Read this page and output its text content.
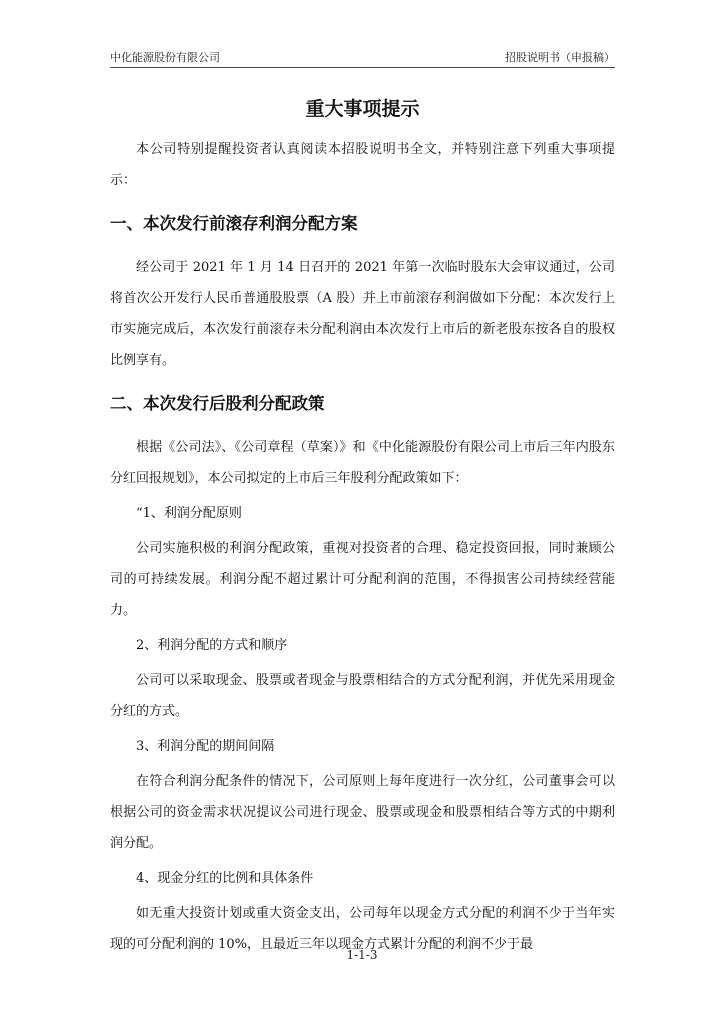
中化能源股份有限公司	招股说明书（申报稿）
重大事项提示

本公司特别提醒投资者认真阅读本招股说明书全文，并特别注意下列重大事项提示：

一、本次发行前滚存利润分配方案

经公司于 2021 年 1 月 14 日召开的 2021 年第一次临时股东大会审议通过，公司将首次公开发行人民币普通股股票（A 股）并上市前滚存利润做如下分配：本次发行上市实施完成后，本次发行前滚存未分配利润由本次发行上市后的新老股东按各自的股权比例享有。

二、本次发行后股利分配政策

根据《公司法》、《公司章程（草案）》和《中化能源股份有限公司上市后三年内股东分红回报规划》，本公司拟定的上市后三年股利分配政策如下：

“1、利润分配原则

公司实施积极的利润分配政策，重视对投资者的合理、稳定投资回报，同时兼顾公司的可持续发展。利润分配不超过累计可分配利润的范围，不得损害公司持续经营能力。

2、利润分配的方式和顺序

公司可以采取现金、股票或者现金与股票相结合的方式分配利润，并优先采用现金分红的方式。

3、利润分配的期间间隔

在符合利润分配条件的情况下，公司原则上每年度进行一次分红，公司董事会可以根据公司的资金需求状况提议公司进行现金、股票或现金和股票相结合等方式的中期利润分配。

4、现金分红的比例和具体条件

如无重大投资计划或重大资金支出，公司每年以现金方式分配的利润不少于当年实现的可分配利润的 10%，且最近三年以现金方式累计分配的利润不少于最

1-1-3
